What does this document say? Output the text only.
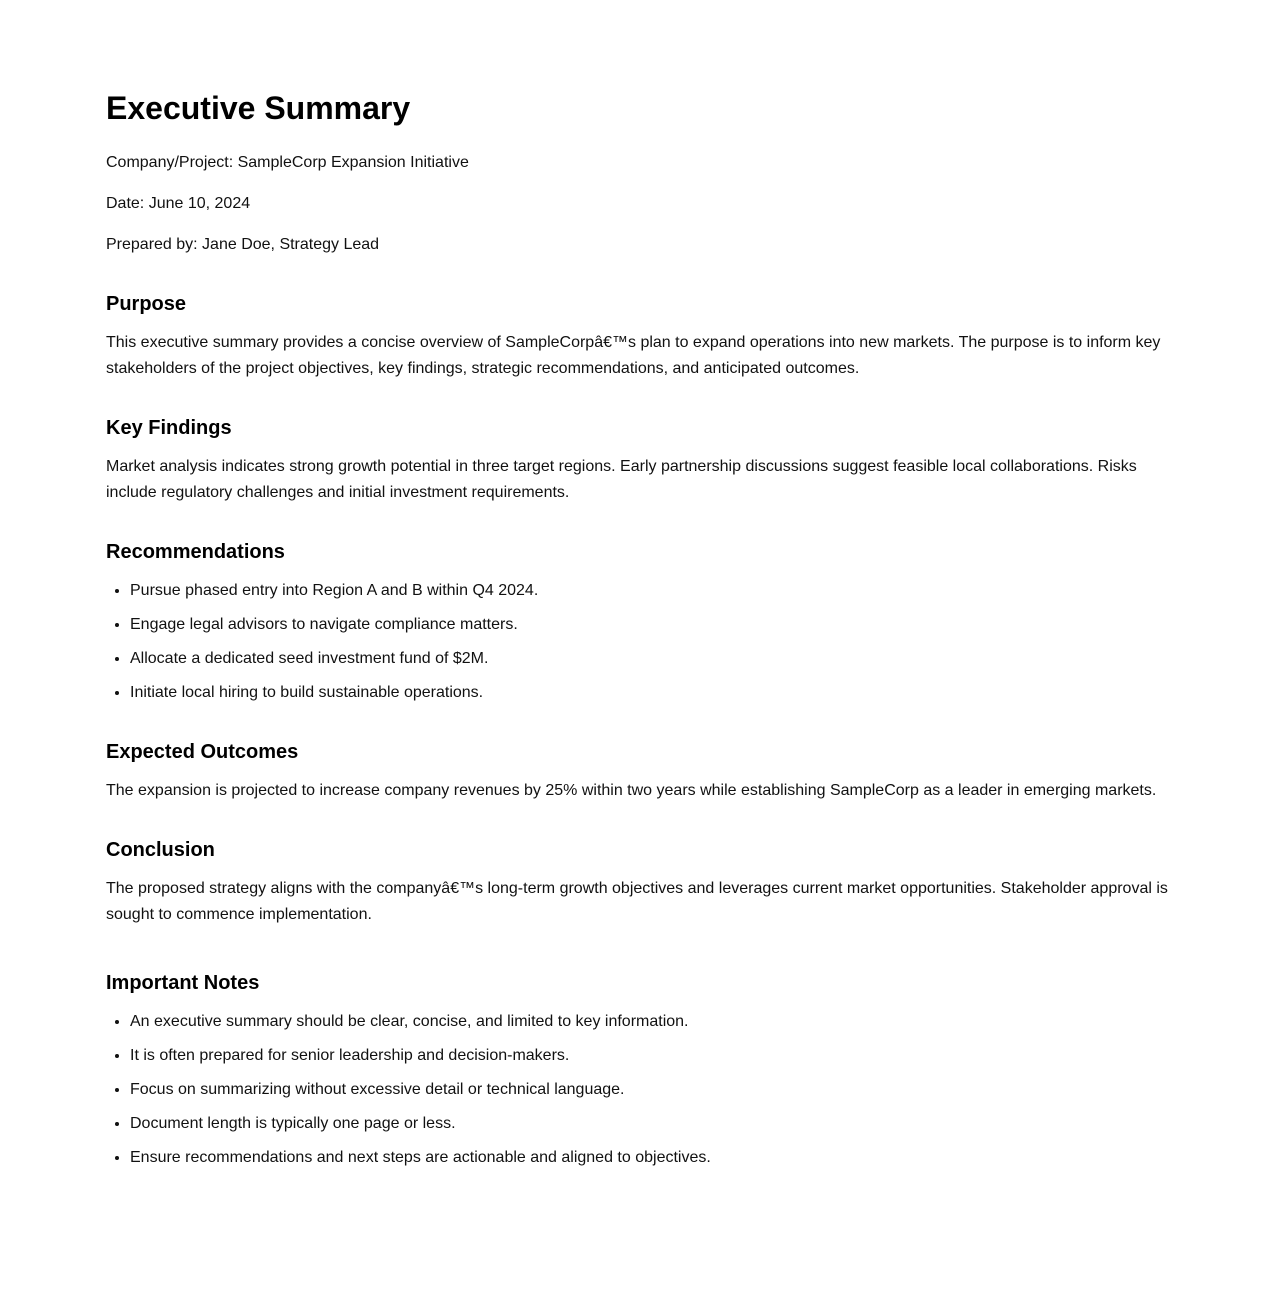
Executive Summary

Company/Project: SampleCorp Expansion Initiative

Date: June 10, 2024

Prepared by: Jane Doe, Strategy Lead

Purpose

This executive summary provides a concise overview of SampleCorpâ€™s plan to expand operations into new markets. The purpose is to inform key stakeholders of the project objectives, key findings, strategic recommendations, and anticipated outcomes.

Key Findings

Market analysis indicates strong growth potential in three target regions. Early partnership discussions suggest feasible local collaborations. Risks include regulatory challenges and initial investment requirements.

Recommendations
• Pursue phased entry into Region A and B within Q4 2024.
• Engage legal advisors to navigate compliance matters.
• Allocate a dedicated seed investment fund of $2M.
• Initiate local hiring to build sustainable operations.
Expected Outcomes

The expansion is projected to increase company revenues by 25% within two years while establishing SampleCorp as a leader in emerging markets.

Conclusion

The proposed strategy aligns with the companyâ€™s long-term growth objectives and leverages current market opportunities. Stakeholder approval is sought to commence implementation.

Important Notes
• An executive summary should be clear, concise, and limited to key information.
• It is often prepared for senior leadership and decision-makers.
• Focus on summarizing without excessive detail or technical language.
• Document length is typically one page or less.
• Ensure recommendations and next steps are actionable and aligned to objectives.
